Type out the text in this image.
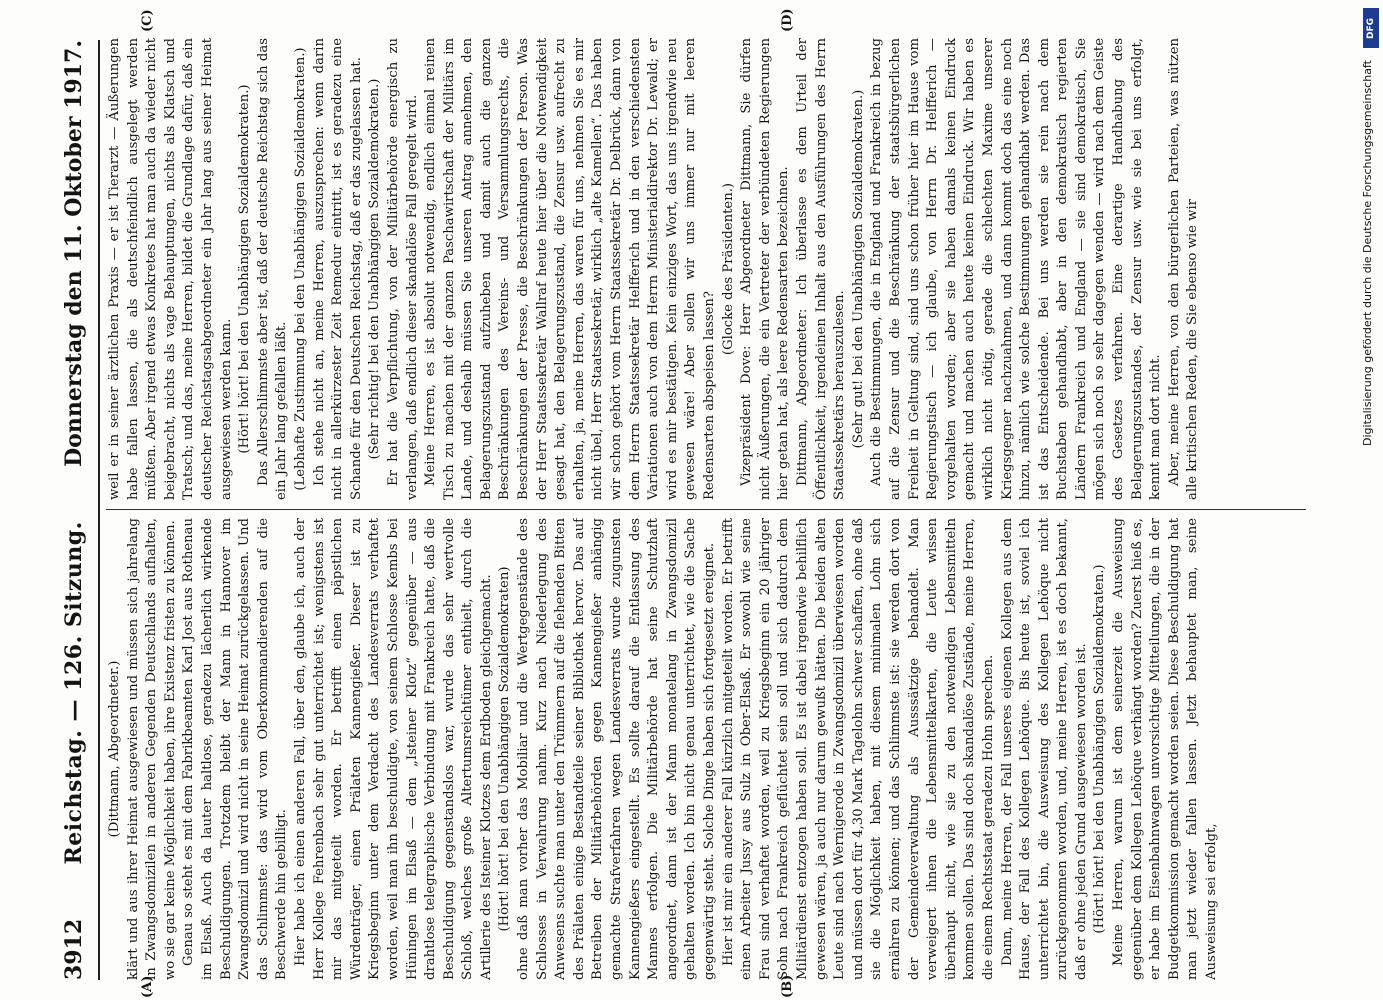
3912
Reichstag. — 126. Sitzung.
Donnerstag den 11. Oktober 1917.
(A)	(B)
(C)	(D)

(Dittmann, Abgeordneter.) klärt und aus ihrer Heimat ausgewiesen und müssen sich jahrelang in Zwangsdomizilen in anderen Gegenden Deutschlands aufhalten, wo sie gar keine Möglichkeit haben, ihre Existenz fristen zu können. Genau so steht es mit dem Fabrikbeamten Karl Jost aus Rothenau im Elsaß. Auch da lauter haltlose, geradezu lächerlich wirkende Beschuldigungen. Trotzdem bleibt der Mann in Hannover im Zwangsdomizil und wird nicht in seine Heimat zurückgelassen. Und das Schlimmste: das wird vom Oberkommandierenden auf die Beschwerde hin gebilligt. Hier habe ich einen anderen Fall, über den, glaube ich, auch der Herr Kollege Fehrenbach sehr gut unterrichtet ist; wenigstens ist mir das mitgeteilt worden. Er betrifft einen päpstlichen Würdenträger, einen Prälaten Kannengießer. Dieser ist zu Kriegsbeginn unter dem Verdacht des Landesverrats verhaftet worden, weil man ihn beschuldigte, von seinem Schlosse Kembs bei Hüningen im Elsaß — dem „Isteiner Klotz“ gegenüber — aus drahtlose telegraphische Verbindung mit Frankreich hatte, daß die Beschuldigung gegenstandslos war, wurde das sehr wertvolle Schloß, welches große Altertumsreichtümer enthielt, durch die Artillerie des Isteiner Klotzes dem Erdboden gleichgemacht. (Hört! hört! bei den Unabhängigen Sozialdemokraten) ohne daß man vorher das Mobiliar und die Wertgegenstände des Schlosses in Verwahrung nahm. Kurz nach Niederlegung des Anwesens suchte man unter den Trümmern auf die flehenden Bitten des Prälaten einige Bestandteile seiner Bibliothek hervor. Das auf Betreiben der Militärbehörden gegen Kannengießer anhängig gemachte Strafverfahren wegen Landesverrats wurde zugunsten Kannengießers eingestellt. Es sollte darauf die Entlassung des Mannes erfolgen. Die Militärbehörde hat seine Schutzhaft angeordnet, dann ist der Mann monatelang in Zwangsdomizil gehalten worden. Ich bin nicht genau unterrichtet, wie die Sache gegenwärtig steht. Solche Dinge haben sich fortgesetzt ereignet. Hier ist mir ein anderer Fall kürzlich mitgeteilt worden. Er betrifft einen Arbeiter Jussy aus Sulz in Ober-Elsaß. Er sowohl wie seine Frau sind verhaftet worden, weil zu Kriegsbeginn ein 20 jähriger Sohn nach Frankreich geflüchtet sein soll und sich dadurch dem Militärdienst entzogen haben soll. Es ist dabei irgendwie behilflich gewesen wären, ja auch nur darum gewußt hätten. Die beiden alten Leute sind nach Wernigerode in Zwangsdomizil überwiesen worden und müssen dort für 4,30 Mark Tagelohn schwer schaffen, ohne daß sie die Möglichkeit haben, mit diesem minimalen Lohn sich ernähren zu können; und das Schlimmste ist: sie werden dort von der Gemeindeverwaltung als Ausssätzige behandelt. Man verweigert ihnen die Lebensmittelkarten, die Leute wissen überhaupt nicht, wie sie zu den notwendigen Lebensmitteln kommen sollen. Das sind doch skandalöse Zustände, meine Herren, die einem Rechtsstaat geradezu Hohn sprechen. Dann, meine Herren, der Fall unseres eigenen Kollegen aus dem Hause, der Fall des Kollegen Lehöque. Bis heute ist, soviel ich unterrichtet bin, die Ausweisung des Kollegen Lehöque nicht zurückgenommen worden, und, meine Herren, ist es doch bekannt, daß er ohne jeden Grund ausgewiesen worden ist. (Hört! hört! bei den Unabhängigen Sozialdemokraten.) Meine Herren, warum ist dem seinerzeit die Ausweisung gegenüber dem Kollegen Lehöque verhängt worden? Zuerst hieß es, er habe im Eisenbahnwagen unvorsichtige Mitteilungen, die in der Budgetkommission gemacht worden seien. Diese Beschuldigung hat man jetzt wieder fallen lassen. Jetzt behauptet man, seine Ausweisung sei erfolgt,

weil er in seiner ärztlichen Praxis — er ist Tierarzt — Äußerungen habe fallen lassen, die als deutschfeindlich ausgelegt werden müßten. Aber irgend etwas Konkretes hat man auch da wieder nicht beigebracht, nichts als vage Behauptungen, nichts als Klatsch und Tratsch; und das, meine Herren, bildet die Grundlage dafür, daß ein deutscher Reichstagsabgeordneter ein Jahr lang aus seiner Heimat ausgewiesen werden kann. (Hört! hört! bei den Unabhängigen Sozialdemokraten.) Das Allerschlimmste aber ist, daß der deutsche Reichstag sich das ein Jahr lang gefallen läßt. (Lebhafte Zustimmung bei den Unabhängigen Sozialdemokraten.) Ich stehe nicht an, meine Herren, auszusprechen: wenn darin nicht in allerkürzester Zeit Remedur eintritt, ist es geradezu eine Schande für den Deutschen Reichstag, daß er das zugelassen hat. (Sehr richtig! bei den Unabhängigen Sozialdemokraten.) Er hat die Verpflichtung, von der Militärbehörde energisch zu verlangen, daß endlich dieser skandalöse Fall geregelt wird. Meine Herren, es ist absolut notwendig, endlich einmal reinen Tisch zu machen mit der ganzen Paschawirtschaft der Militärs im Lande, und deshalb müssen Sie unseren Antrag annehmen, den Belagerungszustand aufzuheben und damit auch die ganzen Beschränkungen des Vereins- und Versammlungsrechts, die Beschränkungen der Presse, die Beschränkungen der Person. Was der Herr Staatssekretär Wallraf heute hier über die Notwendigkeit gesagt hat, den Belagerungszustand, die Zensur usw. aufrecht zu erhalten, ja, meine Herren, das waren für uns, nehmen Sie es mir nicht übel, Herr Staatssekretär, wirklich „alte Kamellen“. Das haben wir schon gehört vom Herrn Staatssekretär Dr. Delbrück, dann von dem Herrn Staatssekretär Helfferich und in den verschiedensten Variationen auch von dem Herrn Ministerialdirektor Dr. Lewald; er wird es mir bestätigen. Kein einziges Wort, das uns irgendwie neu gewesen wäre! Aber sollen wir uns immer nur mit leeren Redensarten abspeisen lassen?

(Glocke des Präsidenten.) Vizepräsident Dove: Herr Abgeordneter Dittmann, Sie dürfen nicht Äußerungen, die ein Vertreter der verbündeten Regierungen hier getan hat, als leere Redensarten bezeichnen. Dittmann, Abgeordneter: Ich überlasse es dem Urteil der Öffentlichkeit, irgendeinen Inhalt aus den Ausführungen des Herrn Staatssekretärs herauszulesen. (Sehr gut! bei den Unabhängigen Sozialdemokraten.) Auch die Bestimmungen, die in England und Frankreich in bezug auf die Zensur und die Beschränkung der staatsbürgerlichen Freiheit in Geltung sind, sind uns schon früher hier im Hause vom Regierungstisch — ich glaube, von Herrn Dr. Helfferich — vorgehalten worden; aber sie haben damals keinen Eindruck gemacht und machen auch heute keinen Eindruck. Wir haben es wirklich nicht nötig, gerade die schlechten Maxime unserer Kriegsgegner nachzuahmen, und dann kommt doch das eine noch hinzu, nämlich wie solche Bestimmungen gehandhabt werden. Das ist das Entscheidende. Bei uns werden sie rein nach dem Buchstaben gehandhabt, aber in den demokratisch regierten Ländern Frankreich und England — sie sind demokratisch, Sie mögen sich noch so sehr dagegen wenden — wird nach dem Geiste des Gesetzes verfahren. Eine derartige Handhabung des Belagerungszustandes, der Zensur usw. wie sie bei uns erfolgt, kennt man dort nicht. Aber, meine Herren, von den bürgerlichen Parteien, was nützen alle kritischen Reden, die Sie ebenso wie wir

DFG
Digitalisierung gefördert durch die Deutsche Forschungsgemeinschaft
